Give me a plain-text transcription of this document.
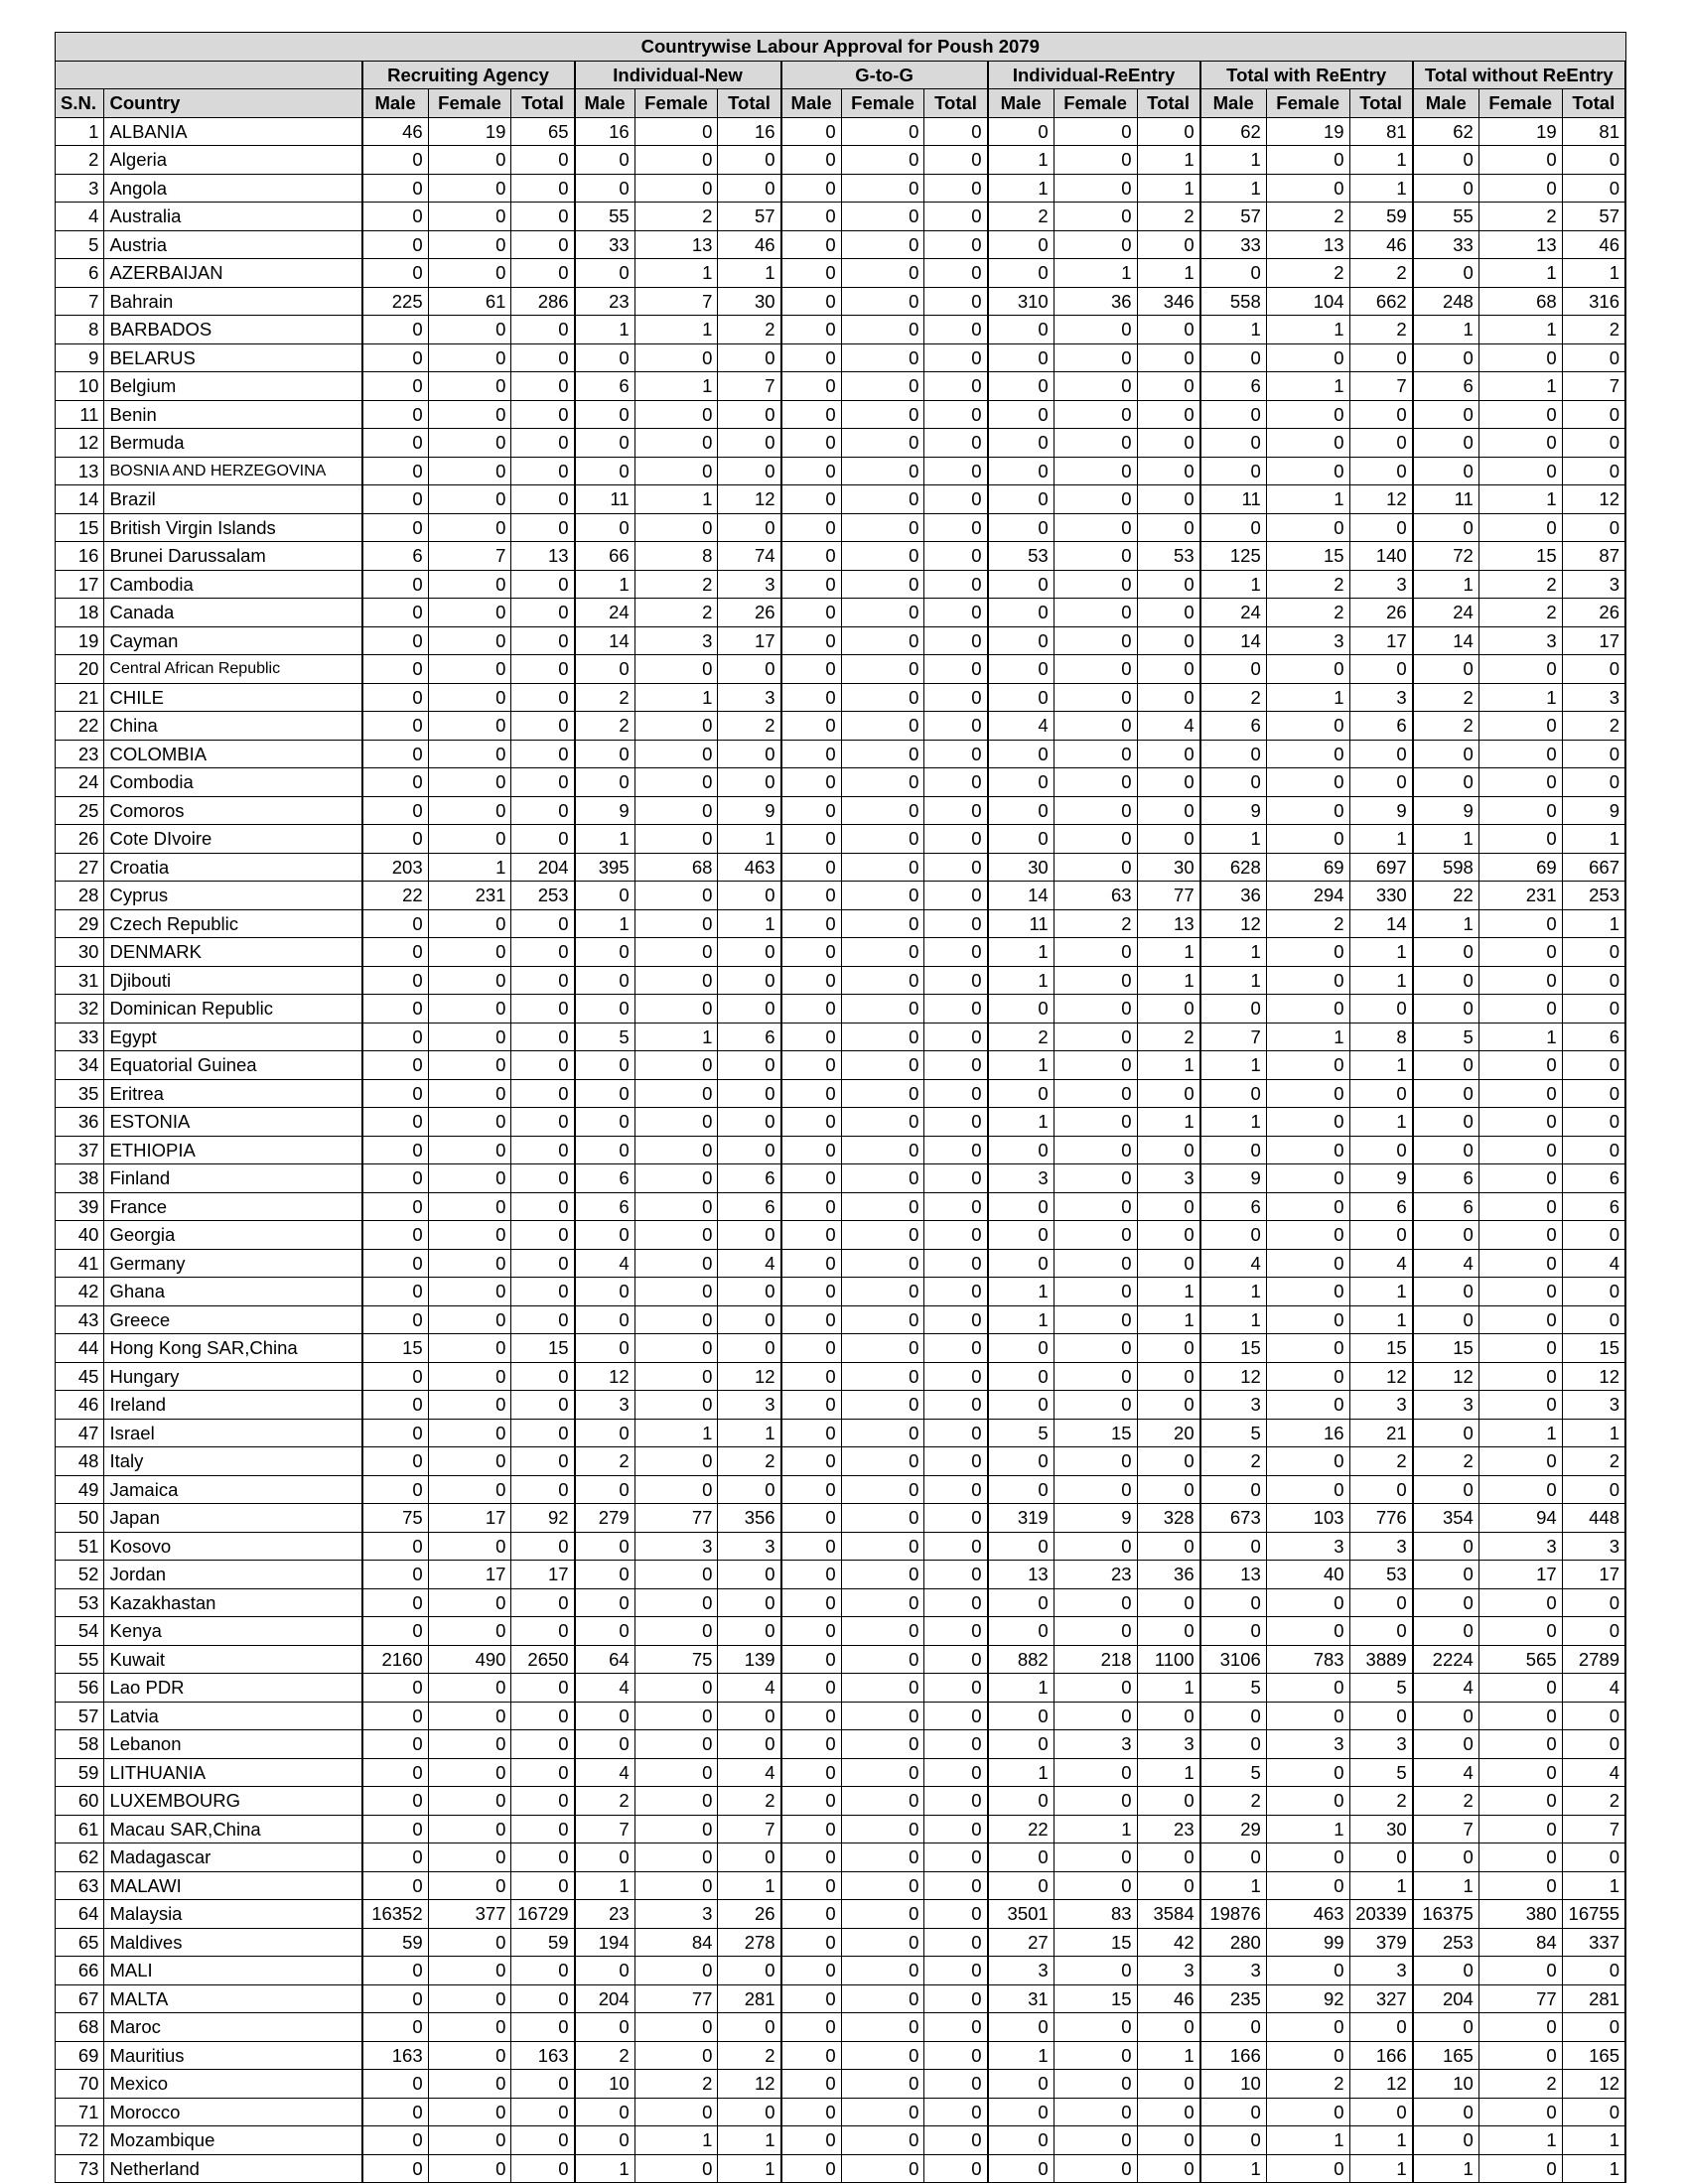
Countrywise Labour Approval for Poush 2079																			
		Recruiting Agency			Individual-New			G-to-G			Individual-ReEntry			Total with ReEntry			Total without ReEntry		
S.N.	Country	Male	Female	Total	Male	Female	Total	Male	Female	Total	Male	Female	Total	Male	Female	Total	Male	Female	Total
1	ALBANIA	46	19	65	16	0	16	0	0	0	0	0	0	62	19	81	62	19	81
2	Algeria	0	0	0	0	0	0	0	0	0	1	0	1	1	0	1	0	0	0
3	Angola	0	0	0	0	0	0	0	0	0	1	0	1	1	0	1	0	0	0
4	Australia	0	0	0	55	2	57	0	0	0	2	0	2	57	2	59	55	2	57
5	Austria	0	0	0	33	13	46	0	0	0	0	0	0	33	13	46	33	13	46
6	AZERBAIJAN	0	0	0	0	1	1	0	0	0	0	1	1	0	2	2	0	1	1
7	Bahrain	225	61	286	23	7	30	0	0	0	310	36	346	558	104	662	248	68	316
8	BARBADOS	0	0	0	1	1	2	0	0	0	0	0	0	1	1	2	1	1	2
9	BELARUS	0	0	0	0	0	0	0	0	0	0	0	0	0	0	0	0	0	0
10	Belgium	0	0	0	6	1	7	0	0	0	0	0	0	6	1	7	6	1	7
11	Benin	0	0	0	0	0	0	0	0	0	0	0	0	0	0	0	0	0	0
12	Bermuda	0	0	0	0	0	0	0	0	0	0	0	0	0	0	0	0	0	0
13	BOSNIA AND HERZEGOVINA	0	0	0	0	0	0	0	0	0	0	0	0	0	0	0	0	0	0
14	Brazil	0	0	0	11	1	12	0	0	0	0	0	0	11	1	12	11	1	12
15	British Virgin Islands	0	0	0	0	0	0	0	0	0	0	0	0	0	0	0	0	0	0
16	Brunei Darussalam	6	7	13	66	8	74	0	0	0	53	0	53	125	15	140	72	15	87
17	Cambodia	0	0	0	1	2	3	0	0	0	0	0	0	1	2	3	1	2	3
18	Canada	0	0	0	24	2	26	0	0	0	0	0	0	24	2	26	24	2	26
19	Cayman	0	0	0	14	3	17	0	0	0	0	0	0	14	3	17	14	3	17
20	Central African Republic	0	0	0	0	0	0	0	0	0	0	0	0	0	0	0	0	0	0
21	CHILE	0	0	0	2	1	3	0	0	0	0	0	0	2	1	3	2	1	3
22	China	0	0	0	2	0	2	0	0	0	4	0	4	6	0	6	2	0	2
23	COLOMBIA	0	0	0	0	0	0	0	0	0	0	0	0	0	0	0	0	0	0
24	Combodia	0	0	0	0	0	0	0	0	0	0	0	0	0	0	0	0	0	0
25	Comoros	0	0	0	9	0	9	0	0	0	0	0	0	9	0	9	9	0	9
26	Cote DIvoire	0	0	0	1	0	1	0	0	0	0	0	0	1	0	1	1	0	1
27	Croatia	203	1	204	395	68	463	0	0	0	30	0	30	628	69	697	598	69	667
28	Cyprus	22	231	253	0	0	0	0	0	0	14	63	77	36	294	330	22	231	253
29	Czech Republic	0	0	0	1	0	1	0	0	0	11	2	13	12	2	14	1	0	1
30	DENMARK	0	0	0	0	0	0	0	0	0	1	0	1	1	0	1	0	0	0
31	Djibouti	0	0	0	0	0	0	0	0	0	1	0	1	1	0	1	0	0	0
32	Dominican Republic	0	0	0	0	0	0	0	0	0	0	0	0	0	0	0	0	0	0
33	Egypt	0	0	0	5	1	6	0	0	0	2	0	2	7	1	8	5	1	6
34	Equatorial Guinea	0	0	0	0	0	0	0	0	0	1	0	1	1	0	1	0	0	0
35	Eritrea	0	0	0	0	0	0	0	0	0	0	0	0	0	0	0	0	0	0
36	ESTONIA	0	0	0	0	0	0	0	0	0	1	0	1	1	0	1	0	0	0
37	ETHIOPIA	0	0	0	0	0	0	0	0	0	0	0	0	0	0	0	0	0	0
38	Finland	0	0	0	6	0	6	0	0	0	3	0	3	9	0	9	6	0	6
39	France	0	0	0	6	0	6	0	0	0	0	0	0	6	0	6	6	0	6
40	Georgia	0	0	0	0	0	0	0	0	0	0	0	0	0	0	0	0	0	0
41	Germany	0	0	0	4	0	4	0	0	0	0	0	0	4	0	4	4	0	4
42	Ghana	0	0	0	0	0	0	0	0	0	1	0	1	1	0	1	0	0	0
43	Greece	0	0	0	0	0	0	0	0	0	1	0	1	1	0	1	0	0	0
44	Hong Kong SAR,China	15	0	15	0	0	0	0	0	0	0	0	0	15	0	15	15	0	15
45	Hungary	0	0	0	12	0	12	0	0	0	0	0	0	12	0	12	12	0	12
46	Ireland	0	0	0	3	0	3	0	0	0	0	0	0	3	0	3	3	0	3
47	Israel	0	0	0	0	1	1	0	0	0	5	15	20	5	16	21	0	1	1
48	Italy	0	0	0	2	0	2	0	0	0	0	0	0	2	0	2	2	0	2
49	Jamaica	0	0	0	0	0	0	0	0	0	0	0	0	0	0	0	0	0	0
50	Japan	75	17	92	279	77	356	0	0	0	319	9	328	673	103	776	354	94	448
51	Kosovo	0	0	0	0	3	3	0	0	0	0	0	0	0	3	3	0	3	3
52	Jordan	0	17	17	0	0	0	0	0	0	13	23	36	13	40	53	0	17	17
53	Kazakhastan	0	0	0	0	0	0	0	0	0	0	0	0	0	0	0	0	0	0
54	Kenya	0	0	0	0	0	0	0	0	0	0	0	0	0	0	0	0	0	0
55	Kuwait	2160	490	2650	64	75	139	0	0	0	882	218	1100	3106	783	3889	2224	565	2789
56	Lao PDR	0	0	0	4	0	4	0	0	0	1	0	1	5	0	5	4	0	4
57	Latvia	0	0	0	0	0	0	0	0	0	0	0	0	0	0	0	0	0	0
58	Lebanon	0	0	0	0	0	0	0	0	0	0	3	3	0	3	3	0	0	0
59	LITHUANIA	0	0	0	4	0	4	0	0	0	1	0	1	5	0	5	4	0	4
60	LUXEMBOURG	0	0	0	2	0	2	0	0	0	0	0	0	2	0	2	2	0	2
61	Macau SAR,China	0	0	0	7	0	7	0	0	0	22	1	23	29	1	30	7	0	7
62	Madagascar	0	0	0	0	0	0	0	0	0	0	0	0	0	0	0	0	0	0
63	MALAWI	0	0	0	1	0	1	0	0	0	0	0	0	1	0	1	1	0	1
64	Malaysia	16352	377	16729	23	3	26	0	0	0	3501	83	3584	19876	463	20339	16375	380	16755
65	Maldives	59	0	59	194	84	278	0	0	0	27	15	42	280	99	379	253	84	337
66	MALI	0	0	0	0	0	0	0	0	0	3	0	3	3	0	3	0	0	0
67	MALTA	0	0	0	204	77	281	0	0	0	31	15	46	235	92	327	204	77	281
68	Maroc	0	0	0	0	0	0	0	0	0	0	0	0	0	0	0	0	0	0
69	Mauritius	163	0	163	2	0	2	0	0	0	1	0	1	166	0	166	165	0	165
70	Mexico	0	0	0	10	2	12	0	0	0	0	0	0	10	2	12	10	2	12
71	Morocco	0	0	0	0	0	0	0	0	0	0	0	0	0	0	0	0	0	0
72	Mozambique	0	0	0	0	1	1	0	0	0	0	0	0	0	1	1	0	1	1
73	Netherland	0	0	0	1	0	1	0	0	0	0	0	0	1	0	1	1	0	1
